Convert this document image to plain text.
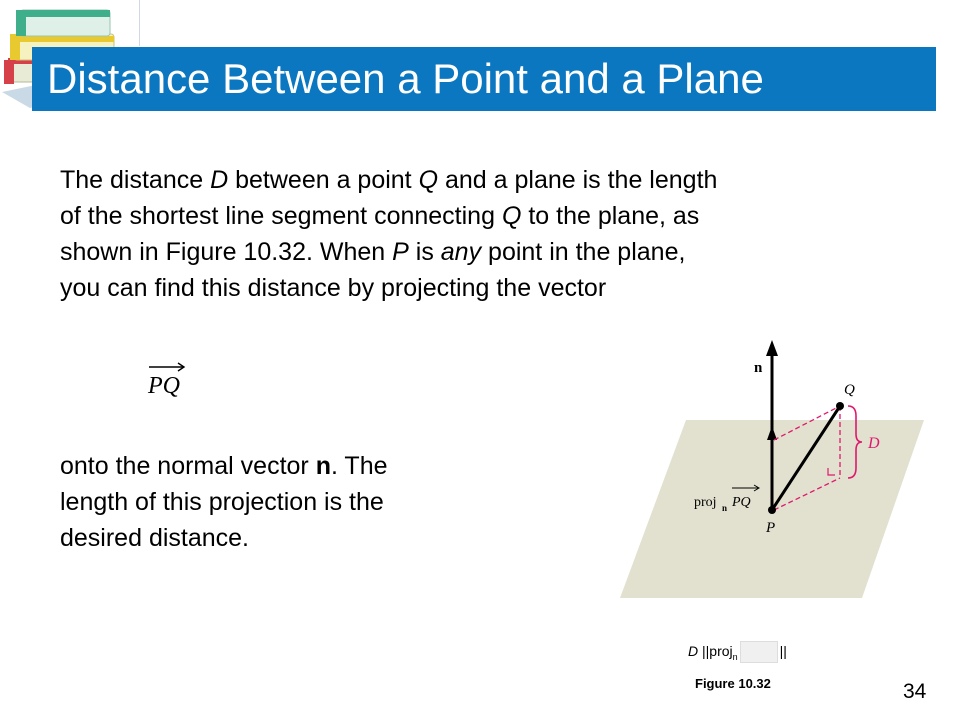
Distance Between a Point and a Plane
The distance D between a point Q and a plane is the length
of the shortest line segment connecting Q to the plane, as
shown in Figure 10.32. When P is any point in the plane,
you can find this distance by projecting the vector
PQ
onto the normal vector n. The
length of this projection is the
desired distance.
n
Q
P
D
proj n PQ
D ||proj$_n$	||
Figure 10.32	34
